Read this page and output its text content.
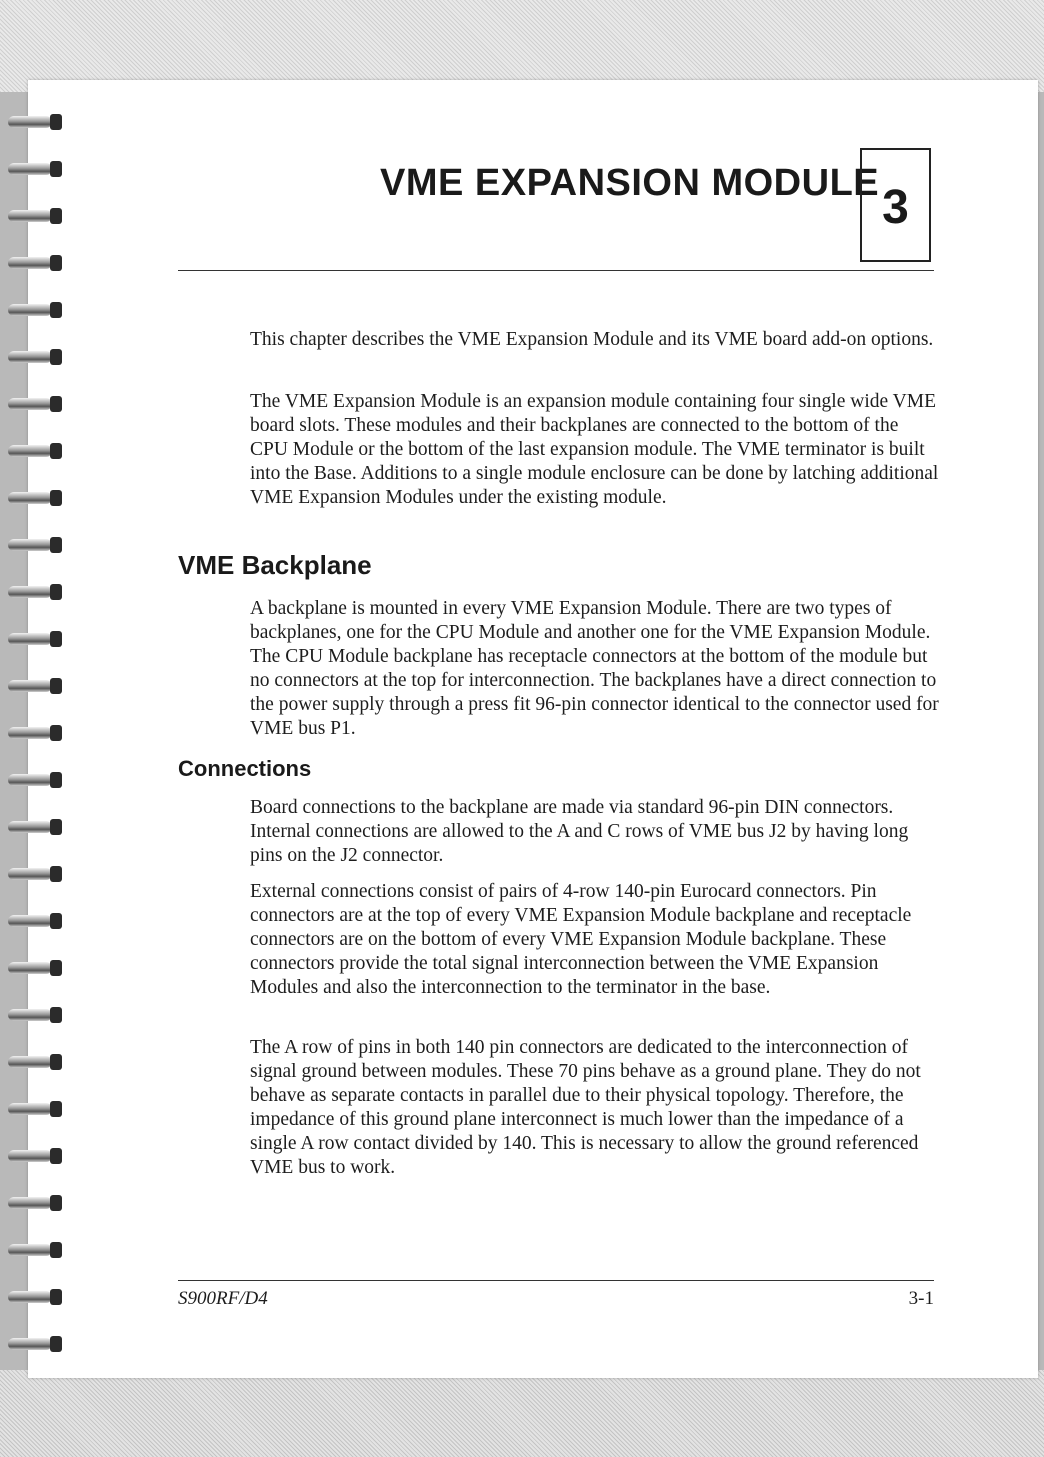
VME EXPANSION MODULE 3

This chapter describes the VME Expansion Module and its VME board add-on options.

The VME Expansion Module is an expansion module containing four single wide VME board slots. These modules and their backplanes are connected to the bottom of the CPU Module or the bottom of the last expansion module. The VME terminator is built into the Base. Additions to a single module enclosure can be done by latching additional VME Expansion Modules under the existing module.

VME Backplane

A backplane is mounted in every VME Expansion Module. There are two types of backplanes, one for the CPU Module and another one for the VME Expansion Module. The CPU Module backplane has receptacle connectors at the bottom of the module but no connectors at the top for interconnection. The backplanes have a direct connection to the power supply through a press fit 96-pin connector identical to the connector used for VME bus P1.

Connections

Board connections to the backplane are made via standard 96-pin DIN connectors. Internal connections are allowed to the A and C rows of VME bus J2 by having long pins on the J2 connector.

External connections consist of pairs of 4-row 140-pin Eurocard connectors. Pin connectors are at the top of every VME Expansion Module backplane and receptacle connectors are on the bottom of every VME Expansion Module backplane. These connectors provide the total signal interconnection between the VME Expansion Modules and also the interconnection to the terminator in the base.

The A row of pins in both 140 pin connectors are dedicated to the interconnection of signal ground between modules. These 70 pins behave as a ground plane. They do not behave as separate contacts in parallel due to their physical topology. Therefore, the impedance of this ground plane interconnect is much lower than the impedance of a single A row contact divided by 140. This is necessary to allow the ground referenced VME bus to work.

S900RF/D4	3-1
